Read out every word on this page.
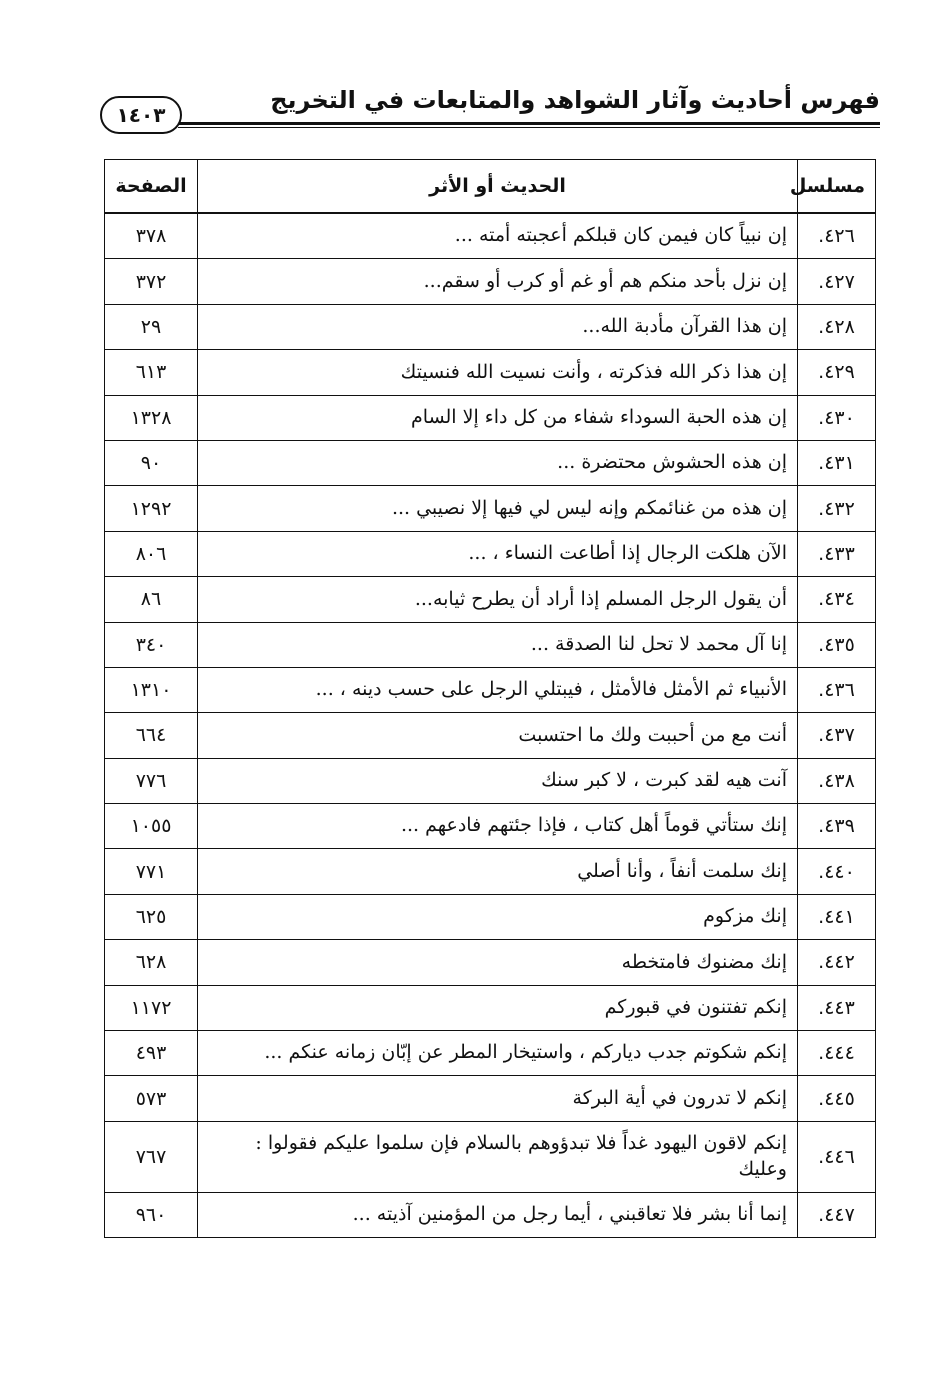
فهرس أحاديث وآثار الشواهد والمتابعات في التخريج
١٤٠٣
مسلسل	الحديث أو الأثر	الصفحة
٤٢٦.	إن نبياً كان فيمن كان قبلكم أعجبته أمته ...	٣٧٨
٤٢٧.	إن نزل بأحد منكم هم أو غم أو كرب أو سقم...	٣٧٢
٤٢٨.	إن هذا القرآن مأدبة الله...	٢٩
٤٢٩.	إن هذا ذكر الله فذكرته ، وأنت نسيت الله فنسيتك	٦١٣
٤٣٠.	إن هذه الحبة السوداء شفاء من كل داء إلا السام	١٣٢٨
٤٣١.	إن هذه الحشوش محتضرة ...	٩٠
٤٣٢.	إن هذه من غنائمكم وإنه ليس لي فيها إلا نصيبي ...	١٢٩٢
٤٣٣.	الآن هلكت الرجال إذا أطاعت النساء ، ...	٨٠٦
٤٣٤.	أن يقول الرجل المسلم إذا أراد أن يطرح ثيابه...	٨٦
٤٣٥.	إنا آل محمد لا تحل لنا الصدقة ...	٣٤٠
٤٣٦.	الأنبياء ثم الأمثل فالأمثل ، فيبتلي الرجل على حسب دينه ، ...	١٣١٠
٤٣٧.	أنت مع من أحببت ولك ما احتسبت	٦٦٤
٤٣٨.	آنت هيه لقد كبرت ، لا كبر سنك	٧٧٦
٤٣٩.	إنك ستأتي قوماً أهل كتاب ، فإذا جئتهم فادعهم ...	١٠٥٥
٤٤٠.	إنك سلمت أنفاً ، وأنا أصلي	٧٧١
٤٤١.	إنك مزكوم	٦٢٥
٤٤٢.	إنك مضنوك فامتخطه	٦٢٨
٤٤٣.	إنكم تفتنون في قبوركم	١١٧٢
٤٤٤.	إنكم شكوتم جدب دياركم ، واستيخار المطر عن إبّان زمانه عنكم ...	٤٩٣
٤٤٥.	إنكم لا تدرون في أية البركة	٥٧٣
٤٤٦.	إنكم لاقون اليهود غداً فلا تبدؤوهم بالسلام فإن سلموا عليكم فقولوا : وعليك	٧٦٧
٤٤٧.	إنما أنا بشر فلا تعاقبني ، أيما رجل من المؤمنين آذيته ...	٩٦٠
